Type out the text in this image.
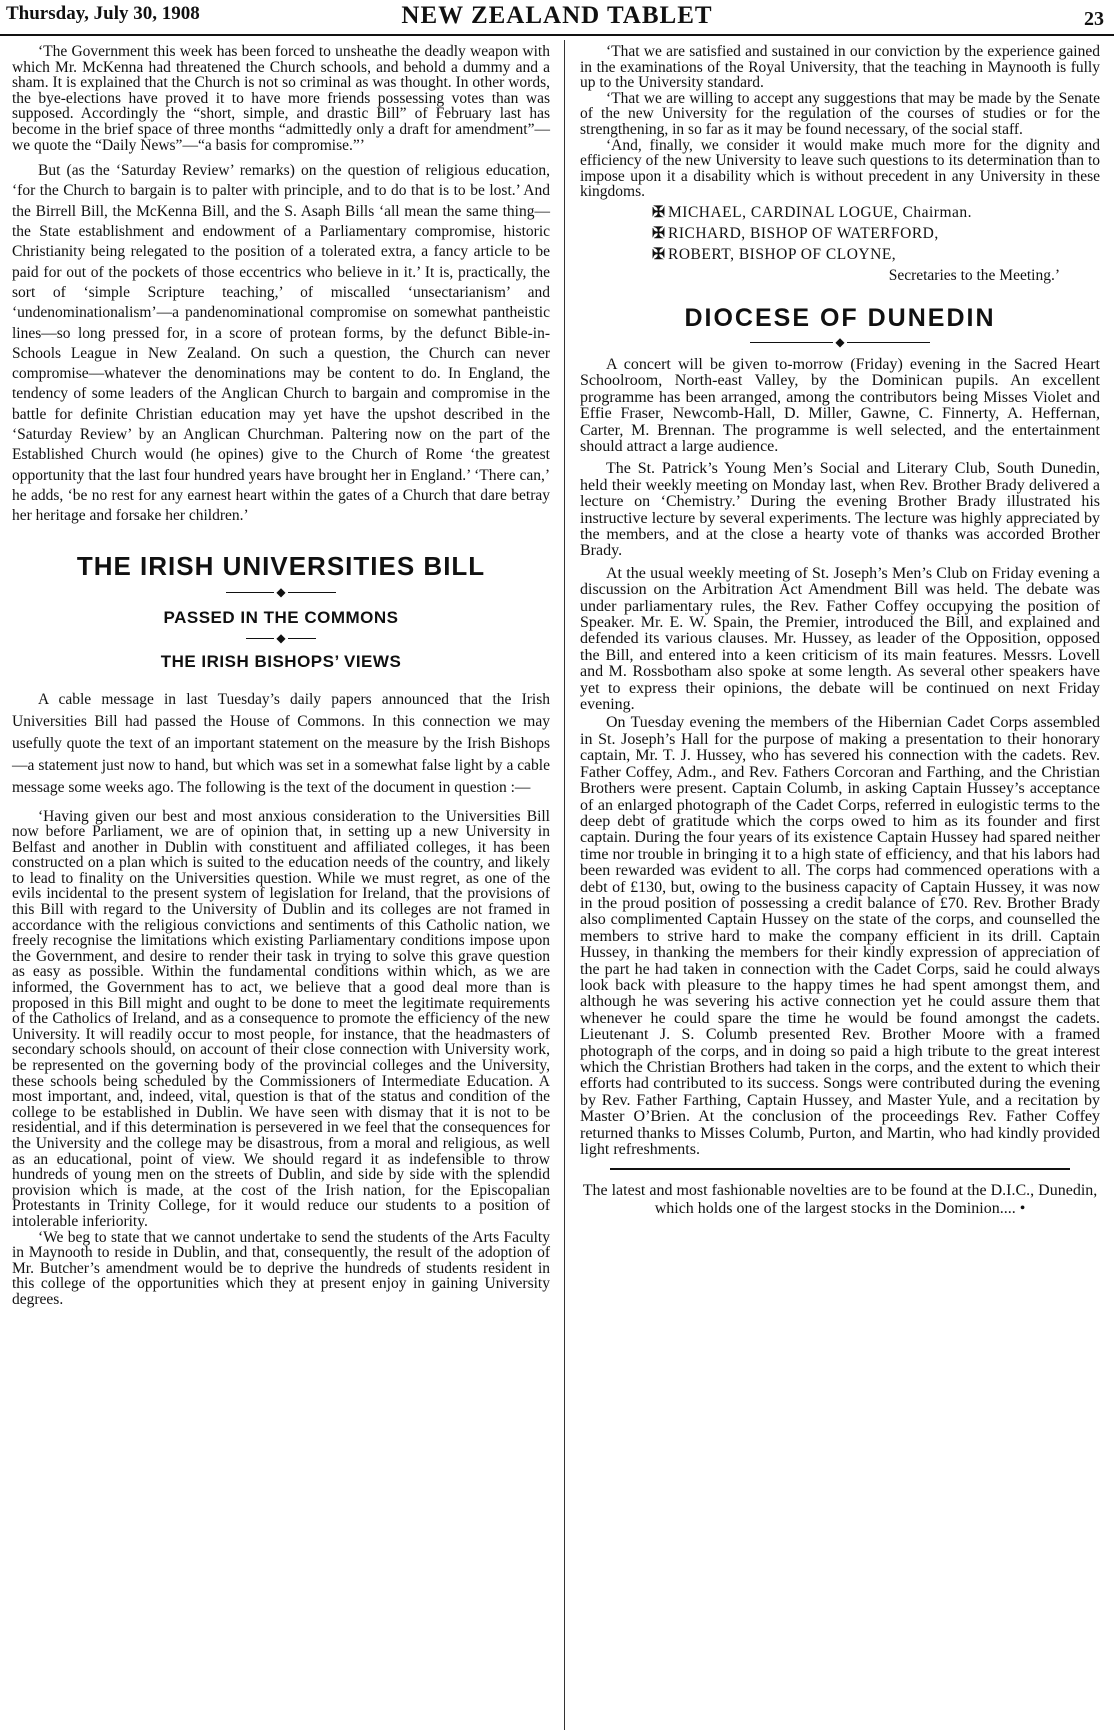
Thursday, July 30, 1908	NEW ZEALAND TABLET	23

‘The Government this week has been forced to unsheathe the deadly weapon with which Mr. McKenna had threatened the Church schools, and behold a dummy and a sham. It is explained that the Church is not so criminal as was thought. In other words, the bye-elections have proved it to have more friends possessing votes than was supposed. Accordingly the “short, simple, and drastic Bill” of February last has become in the brief space of three months “admittedly only a draft for amendment”—we quote the “Daily News”—“a basis for compromise.”’

But (as the ‘Saturday Review’ remarks) on the question of religious education, ‘for the Church to bargain is to palter with principle, and to do that is to be lost.’ And the Birrell Bill, the McKenna Bill, and the S. Asaph Bills ‘all mean the same thing—the State establishment and endowment of a Parliamentary compromise, historic Christianity being relegated to the position of a tolerated extra, a fancy article to be paid for out of the pockets of those eccentrics who believe in it.’ It is, practically, the sort of ‘simple Scripture teaching,’ of miscalled ‘unsectarianism’ and ‘undenominationalism’—a pandenominational compromise on somewhat pantheistic lines—so long pressed for, in a score of protean forms, by the defunct Bible-in-Schools League in New Zealand. On such a question, the Church can never compromise—whatever the denominations may be content to do. In England, the tendency of some leaders of the Anglican Church to bargain and compromise in the battle for definite Christian education may yet have the upshot described in the ‘Saturday Review’ by an Anglican Churchman. Paltering now on the part of the Established Church would (he opines) give to the Church of Rome ‘the greatest opportunity that the last four hundred years have brought her in England.’ ‘There can,’ he adds, ‘be no rest for any earnest heart within the gates of a Church that dare betray her heritage and forsake her children.’

THE IRISH UNIVERSITIES BILL
◆
PASSED IN THE COMMONS
◆
THE IRISH BISHOPS’ VIEWS

A cable message in last Tuesday’s daily papers announced that the Irish Universities Bill had passed the House of Commons. In this connection we may usefully quote the text of an important statement on the measure by the Irish Bishops—a statement just now to hand, but which was set in a somewhat false light by a cable message some weeks ago. The following is the text of the document in question :—

‘Having given our best and most anxious consideration to the Universities Bill now before Parliament, we are of opinion that, in setting up a new University in Belfast and another in Dublin with constituent and affiliated colleges, it has been constructed on a plan which is suited to the education needs of the country, and likely to lead to finality on the Universities question. While we must regret, as one of the evils incidental to the present system of legislation for Ireland, that the provisions of this Bill with regard to the University of Dublin and its colleges are not framed in accordance with the religious convictions and sentiments of this Catholic nation, we freely recognise the limitations which existing Parliamentary conditions impose upon the Government, and desire to render their task in trying to solve this grave question as easy as possible. Within the fundamental conditions within which, as we are informed, the Government has to act, we believe that a good deal more than is proposed in this Bill might and ought to be done to meet the legitimate requirements of the Catholics of Ireland, and as a consequence to promote the efficiency of the new University. It will readily occur to most people, for instance, that the headmasters of secondary schools should, on account of their close connection with University work, be represented on the governing body of the provincial colleges and the University, these schools being scheduled by the Commissioners of Intermediate Education. A most important, and, indeed, vital, question is that of the status and condition of the college to be established in Dublin. We have seen with dismay that it is not to be residential, and if this determination is persevered in we feel that the consequences for the University and the college may be disastrous, from a moral and religious, as well as an educational, point of view. We should regard it as indefensible to throw hundreds of young men on the streets of Dublin, and side by side with the splendid provision which is made, at the cost of the Irish nation, for the Episcopalian Protestants in Trinity College, for it would reduce our students to a position of intolerable inferiority.

‘We beg to state that we cannot undertake to send the students of the Arts Faculty in Maynooth to reside in Dublin, and that, consequently, the result of the adoption of Mr. Butcher’s amendment would be to deprive the hundreds of students resident in this college of the opportunities which they at present enjoy in gaining University degrees.

‘That we are satisfied and sustained in our conviction by the experience gained in the examinations of the Royal University, that the teaching in Maynooth is fully up to the University standard.

‘That we are willing to accept any suggestions that may be made by the Senate of the new University for the regulation of the courses of studies or for the strengthening, in so far as it may be found necessary, of the social staff.

‘And, finally, we consider it would make much more for the dignity and efficiency of the new University to leave such questions to its determination than to impose upon it a disability which is without precedent in any University in these kingdoms.

✠ MICHAEL, CARDINAL LOGUE, Chairman.
✠ RICHARD, BISHOP OF WATERFORD,
✠ ROBERT, BISHOP OF CLOYNE,
Secretaries to the Meeting.’
DIOCESE OF DUNEDIN
◆

A concert will be given to-morrow (Friday) evening in the Sacred Heart Schoolroom, North-east Valley, by the Dominican pupils. An excellent programme has been arranged, among the contributors being Misses Violet and Effie Fraser, Newcomb-Hall, D. Miller, Gawne, C. Finnerty, A. Heffernan, Carter, M. Brennan. The programme is well selected, and the entertainment should attract a large audience.

The St. Patrick’s Young Men’s Social and Literary Club, South Dunedin, held their weekly meeting on Monday last, when Rev. Brother Brady delivered a lecture on ‘Chemistry.’ During the evening Brother Brady illustrated his instructive lecture by several experiments. The lecture was highly appreciated by the members, and at the close a hearty vote of thanks was accorded Brother Brady.

At the usual weekly meeting of St. Joseph’s Men’s Club on Friday evening a discussion on the Arbitration Act Amendment Bill was held. The debate was under parliamentary rules, the Rev. Father Coffey occupying the position of Speaker. Mr. E. W. Spain, the Premier, introduced the Bill, and explained and defended its various clauses. Mr. Hussey, as leader of the Opposition, opposed the Bill, and entered into a keen criticism of its main features. Messrs. Lovell and M. Rossbotham also spoke at some length. As several other speakers have yet to express their opinions, the debate will be continued on next Friday evening.

On Tuesday evening the members of the Hibernian Cadet Corps assembled in St. Joseph’s Hall for the purpose of making a presentation to their honorary captain, Mr. T. J. Hussey, who has severed his connection with the cadets. Rev. Father Coffey, Adm., and Rev. Fathers Corcoran and Farthing, and the Christian Brothers were present. Captain Columb, in asking Captain Hussey’s acceptance of an enlarged photograph of the Cadet Corps, referred in eulogistic terms to the deep debt of gratitude which the corps owed to him as its founder and first captain. During the four years of its existence Captain Hussey had spared neither time nor trouble in bringing it to a high state of efficiency, and that his labors had been rewarded was evident to all. The corps had commenced operations with a debt of £130, but, owing to the business capacity of Captain Hussey, it was now in the proud position of possessing a credit balance of £70. Rev. Brother Brady also complimented Captain Hussey on the state of the corps, and counselled the members to strive hard to make the company efficient in its drill. Captain Hussey, in thanking the members for their kindly expression of appreciation of the part he had taken in connection with the Cadet Corps, said he could always look back with pleasure to the happy times he had spent amongst them, and although he was severing his active connection yet he could assure them that whenever he could spare the time he would be found amongst the cadets. Lieutenant J. S. Columb presented Rev. Brother Moore with a framed photograph of the corps, and in doing so paid a high tribute to the great interest which the Christian Brothers had taken in the corps, and the extent to which their efforts had contributed to its success. Songs were contributed during the evening by Rev. Father Farthing, Captain Hussey, and Master Yule, and a recitation by Master O’Brien. At the conclusion of the proceedings Rev. Father Coffey returned thanks to Misses Columb, Purton, and Martin, who had kindly provided light refreshments.

The latest and most fashionable novelties are to be found at the D.I.C., Dunedin, which holds one of the largest stocks in the Dominion.... •
